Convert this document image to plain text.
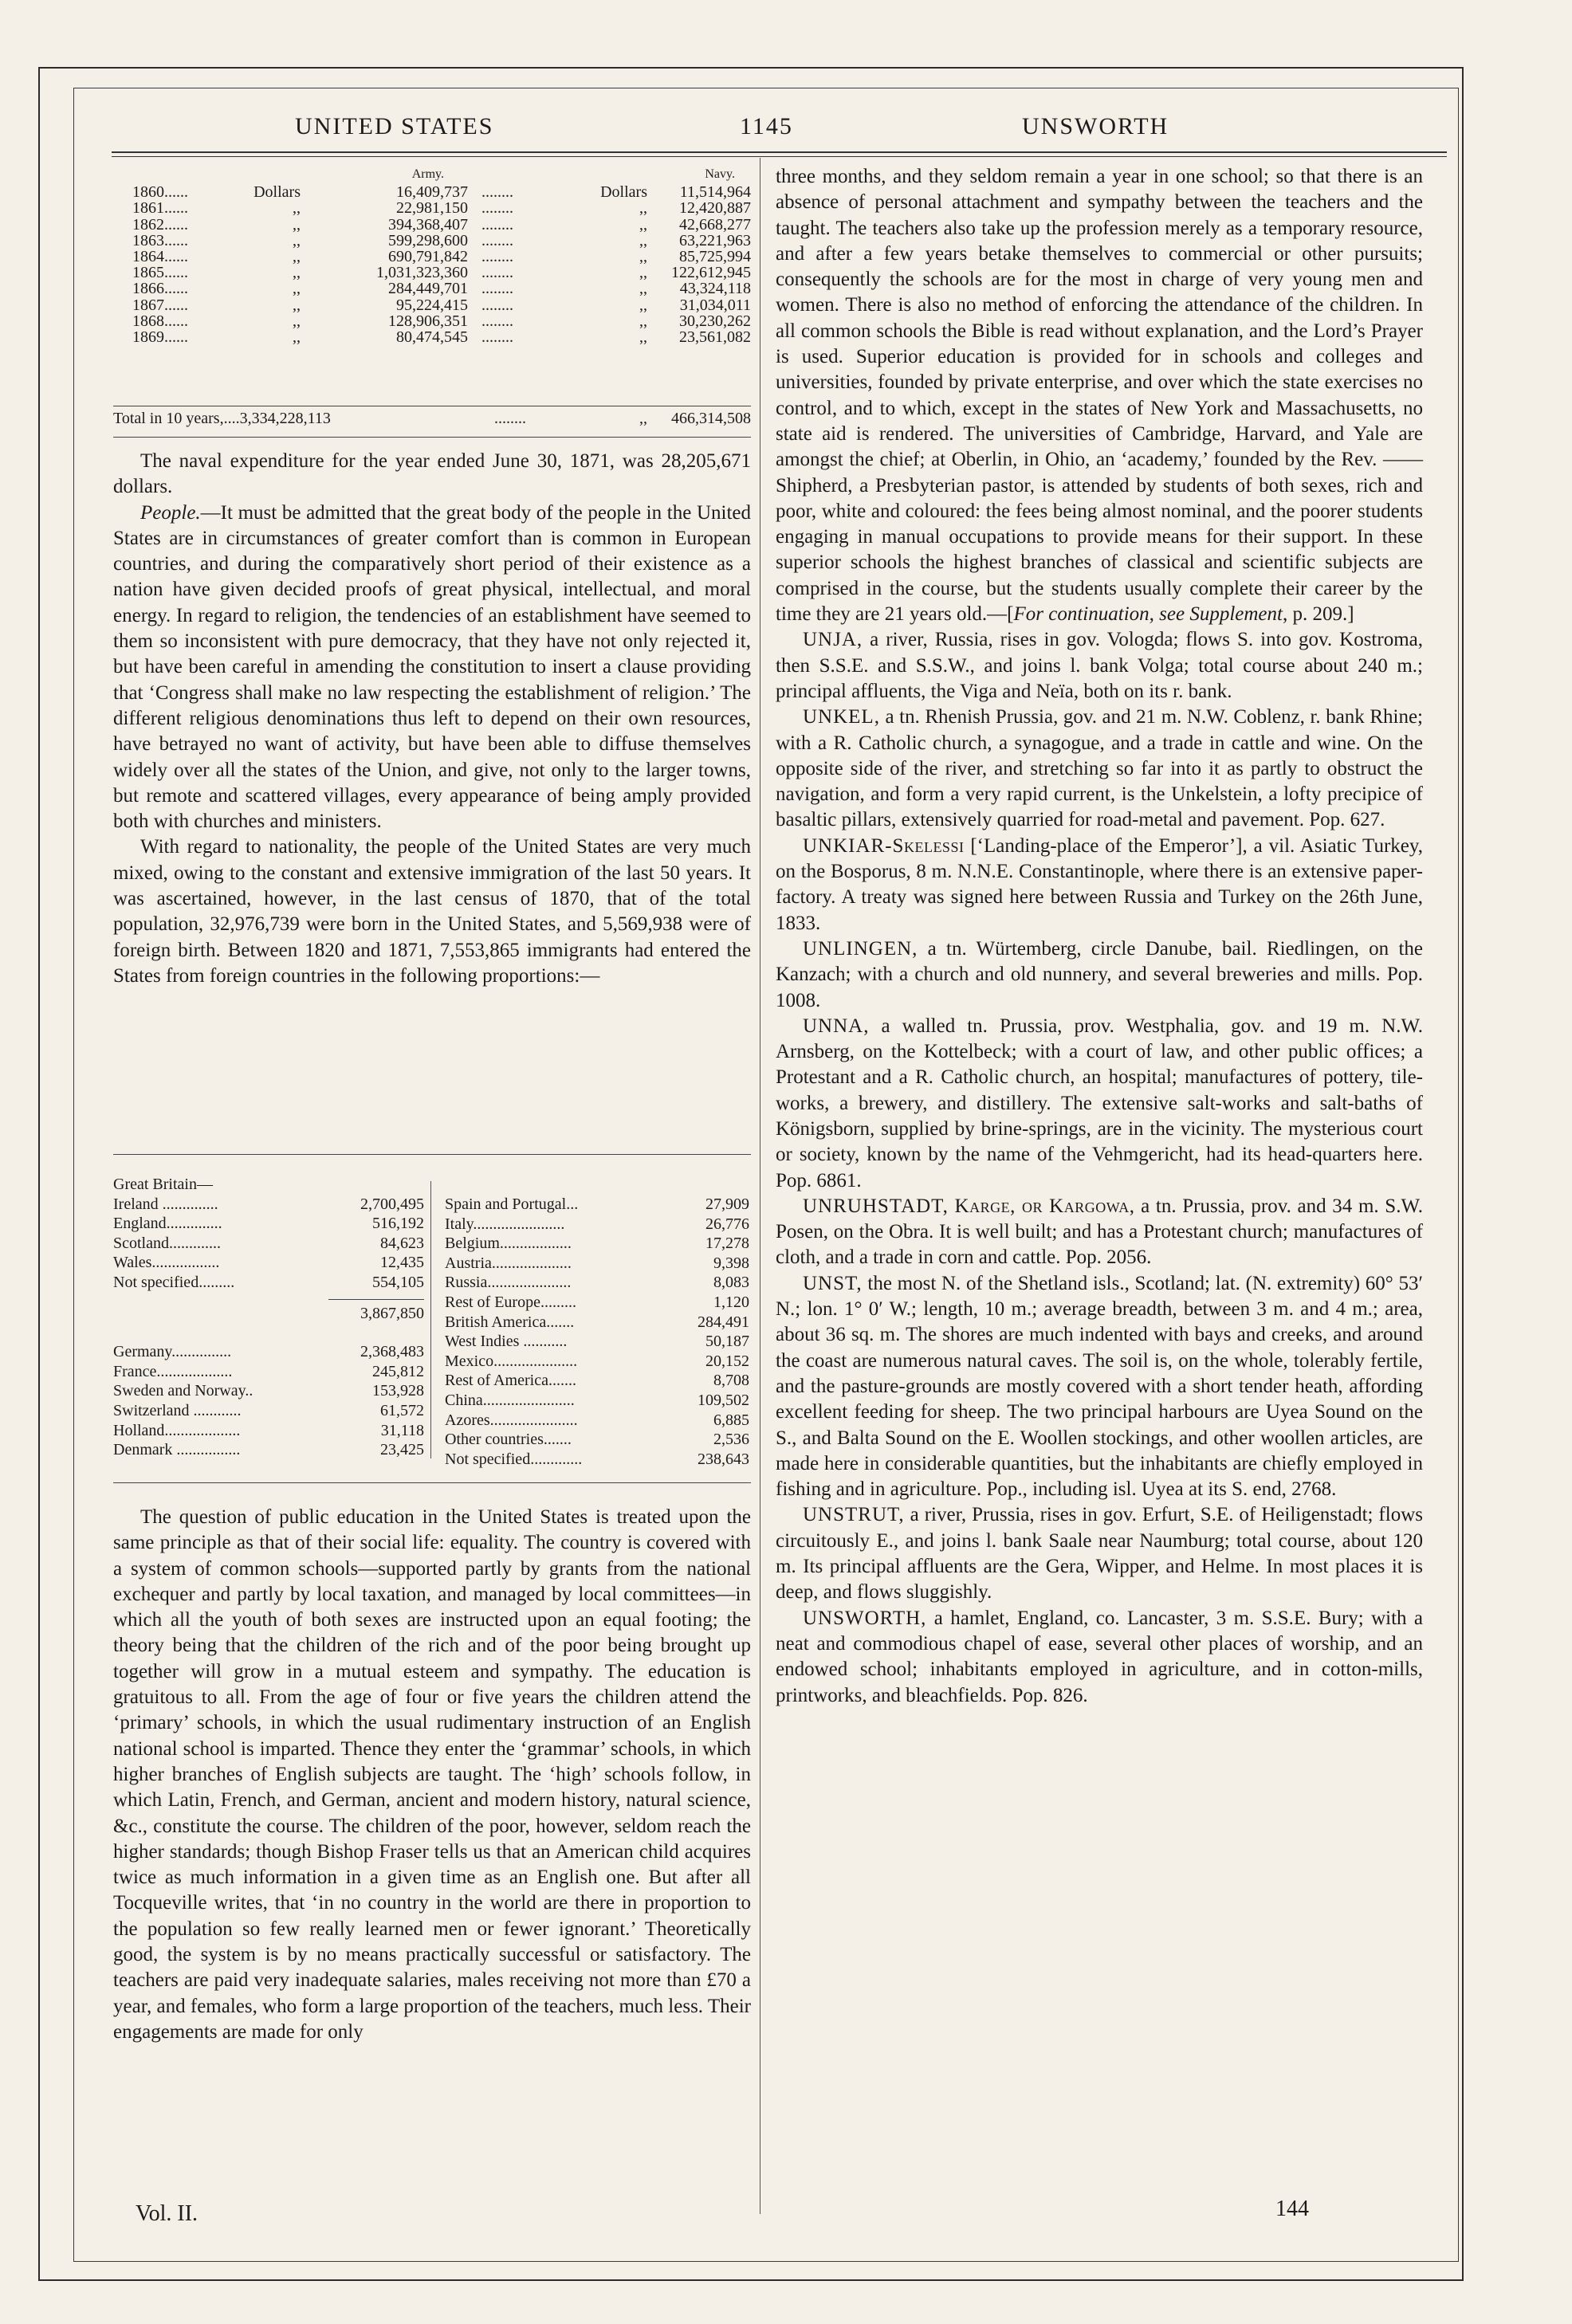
UNITED STATES	1145	UNSWORTH
Army.	Navy.
1860......	Dollars	16,409,737 ........	Dollars	11,514,964
1861......	,,	22,981,150 ........	,,	12,420,887
1862......	,,	394,368,407 ........	,,	42,668,277
1863......	,,	599,298,600 ........	,,	63,221,963
1864......	,,	690,791,842 ........	,,	85,725,994
1865......	,,	1,031,323,360 ........	,, 122,612,945
1866......	,,	284,449,701 ........	,,	43,324,118
1867......	,,	95,224,415 ........	,,	31,034,011
1868......	,,	128,906,351 ........	,,	30,230,262
1869......	,,	80,474,545 ........	,,	23,561,082
Total in 10 years,....3,334,228,113	........	,, 466,314,508

The naval expenditure for the year ended June 30, 1871, was 28,205,671 dollars.

People.—It must be admitted that the great body of the people in the United States are in circumstances of greater comfort than is common in European countries, and during the comparatively short period of their existence as a nation have given decided proofs of great physical, intellectual, and moral energy. In regard to religion, the tendencies of an establishment have seemed to them so inconsistent with pure democracy, that they have not only rejected it, but have been careful in amending the constitution to insert a clause providing that ‘Congress shall make no law respecting the establishment of religion.’ The different religious denominations thus left to depend on their own resources, have betrayed no want of activity, but have been able to diffuse themselves widely over all the states of the Union, and give, not only to the larger towns, but remote and scattered villages, every appearance of being amply provided both with churches and ministers.

With regard to nationality, the people of the United States are very much mixed, owing to the constant and extensive immigration of the last 50 years. It was ascertained, however, in the last census of 1870, that of the total population, 32,976,739 were born in the United States, and 5,569,938 were of foreign birth. Between 1820 and 1871, 7,553,865 immigrants had entered the States from foreign countries in the following proportions:—

Great Britain—
Ireland ..............	2,700,495
England..............	516,192
Scotland.............	84,623
Wales.................	12,435
Not specified.........	554,105
3,867,850
Germany...............	2,368,483
France...................	245,812
Sweden and Norway..	153,928
Switzerland ............	61,572
Holland...................	31,118
Denmark ................	23,425
Spain and Portugal...	27,909
Italy.......................	26,776
Belgium..................	17,278
Austria....................	9,398
Russia.....................	8,083
Rest of Europe.........	1,120
British America.......	284,491
West Indies ...........	50,187
Mexico.....................	20,152
Rest of America.......	8,708
China.......................	109,502
Azores......................	6,885
Other countries.......	2,536
Not specified.............	238,643

The question of public education in the United States is treated upon the same principle as that of their social life: equality. The country is covered with a system of common schools—supported partly by grants from the national exchequer and partly by local taxation, and managed by local committees—in which all the youth of both sexes are instructed upon an equal footing; the theory being that the children of the rich and of the poor being brought up together will grow in a mutual esteem and sympathy. The education is gratuitous to all. From the age of four or five years the children attend the ‘primary’ schools, in which the usual rudimentary instruction of an English national school is imparted. Thence they enter the ‘grammar’ schools, in which higher branches of English subjects are taught. The ‘high’ schools follow, in which Latin, French, and German, ancient and modern history, natural science, &c., constitute the course. The children of the poor, however, seldom reach the higher standards; though Bishop Fraser tells us that an American child acquires twice as much information in a given time as an English one. But after all Tocqueville writes, that ‘in no country in the world are there in proportion to the population so few really learned men or fewer ignorant.’ Theoretically good, the system is by no means practically successful or satisfactory. The teachers are paid very inadequate salaries, males receiving not more than £70 a year, and females, who form a large proportion of the teachers, much less. Their engagements are made for only

three months, and they seldom remain a year in one school; so that there is an absence of personal attachment and sympathy between the teachers and the taught. The teachers also take up the profession merely as a temporary resource, and after a few years betake themselves to commercial or other pursuits; consequently the schools are for the most in charge of very young men and women. There is also no method of enforcing the attendance of the children. In all common schools the Bible is read without explanation, and the Lord’s Prayer is used. Superior education is provided for in schools and colleges and universities, founded by private enterprise, and over which the state exercises no control, and to which, except in the states of New York and Massachusetts, no state aid is rendered. The universities of Cambridge, Harvard, and Yale are amongst the chief; at Oberlin, in Ohio, an ‘academy,’ founded by the Rev. —— Shipherd, a Presbyterian pastor, is attended by students of both sexes, rich and poor, white and coloured: the fees being almost nominal, and the poorer students engaging in manual occupations to provide means for their support. In these superior schools the highest branches of classical and scientific subjects are comprised in the course, but the students usually complete their career by the time they are 21 years old.—[For continuation, see Supplement, p. 209.]

UNJA, a river, Russia, rises in gov. Vologda; flows S. into gov. Kostroma, then S.S.E. and S.S.W., and joins l. bank Volga; total course about 240 m.; principal affluents, the Viga and Neïa, both on its r. bank.

UNKEL, a tn. Rhenish Prussia, gov. and 21 m. N.W. Coblenz, r. bank Rhine; with a R. Catholic church, a synagogue, and a trade in cattle and wine. On the opposite side of the river, and stretching so far into it as partly to obstruct the navigation, and form a very rapid current, is the Unkelstein, a lofty precipice of basaltic pillars, extensively quarried for road-metal and pavement. Pop. 627.

UNKIAR-Skelessi [‘Landing-place of the Emperor’], a vil. Asiatic Turkey, on the Bosporus, 8 m. N.N.E. Constantinople, where there is an extensive paper-factory. A treaty was signed here between Russia and Turkey on the 26th June, 1833.

UNLINGEN, a tn. Würtemberg, circle Danube, bail. Riedlingen, on the Kanzach; with a church and old nunnery, and several breweries and mills. Pop. 1008.

UNNA, a walled tn. Prussia, prov. Westphalia, gov. and 19 m. N.W. Arnsberg, on the Kottelbeck; with a court of law, and other public offices; a Protestant and a R. Catholic church, an hospital; manufactures of pottery, tile-works, a brewery, and distillery. The extensive salt-works and salt-baths of Königsborn, supplied by brine-springs, are in the vicinity. The mysterious court or society, known by the name of the Vehmgericht, had its head-quarters here. Pop. 6861.

UNRUHSTADT, Karge, or Kargowa, a tn. Prussia, prov. and 34 m. S.W. Posen, on the Obra. It is well built; and has a Protestant church; manufactures of cloth, and a trade in corn and cattle. Pop. 2056.

UNST, the most N. of the Shetland isls., Scotland; lat. (N. extremity) 60° 53′ N.; lon. 1° 0′ W.; length, 10 m.; average breadth, between 3 m. and 4 m.; area, about 36 sq. m. The shores are much indented with bays and creeks, and around the coast are numerous natural caves. The soil is, on the whole, tolerably fertile, and the pasture-grounds are mostly covered with a short tender heath, affording excellent feeding for sheep. The two principal harbours are Uyea Sound on the S., and Balta Sound on the E. Woollen stockings, and other woollen articles, are made here in considerable quantities, but the inhabitants are chiefly employed in fishing and in agriculture. Pop., including isl. Uyea at its S. end, 2768.

UNSTRUT, a river, Prussia, rises in gov. Erfurt, S.E. of Heiligenstadt; flows circuitously E., and joins l. bank Saale near Naumburg; total course, about 120 m. Its principal affluents are the Gera, Wipper, and Helme. In most places it is deep, and flows sluggishly.

UNSWORTH, a hamlet, England, co. Lancaster, 3 m. S.S.E. Bury; with a neat and commodious chapel of ease, several other places of worship, and an endowed school; inhabitants employed in agriculture, and in cotton-mills, printworks, and bleachfields. Pop. 826.

Vol. II.	144
